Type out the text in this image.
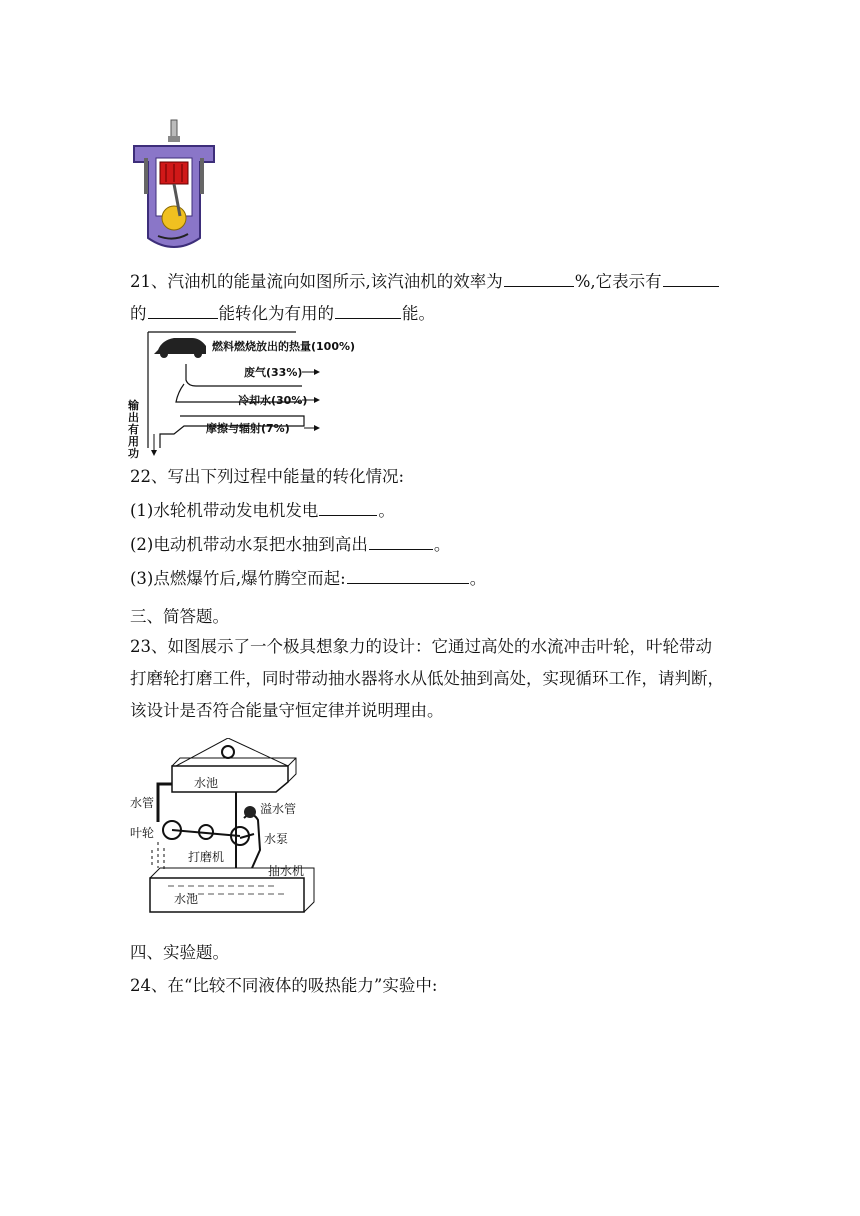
21、汽油机的能量流向如图所示,该汽油机的效率为	%,它表示有
的	能转化为有用的	能。
燃料燃烧放出的热量(100%)
废气(33%)
冷却水(30%)
摩擦与辐射(7%)
输出有用功
22、写出下列过程中能量的转化情况:
(1)水轮机带动发电机发电	。
(2)电动机带动水泵把水抽到高出	。
(3)点燃爆竹后,爆竹腾空而起:	。
三、简答题。
23、如图展示了一个极具想象力的设计：它通过高处的水流冲击叶轮，叶轮带动
打磨轮打磨工件，同时带动抽水器将水从低处抽到高处，实现循环工作，请判断，
该设计是否符合能量守恒定律并说明理由。
水池
水管	溢水管
叶轮	水泵
打磨机
抽水机
水池
四、实验题。
24、在“比较不同液体的吸热能力”实验中:
